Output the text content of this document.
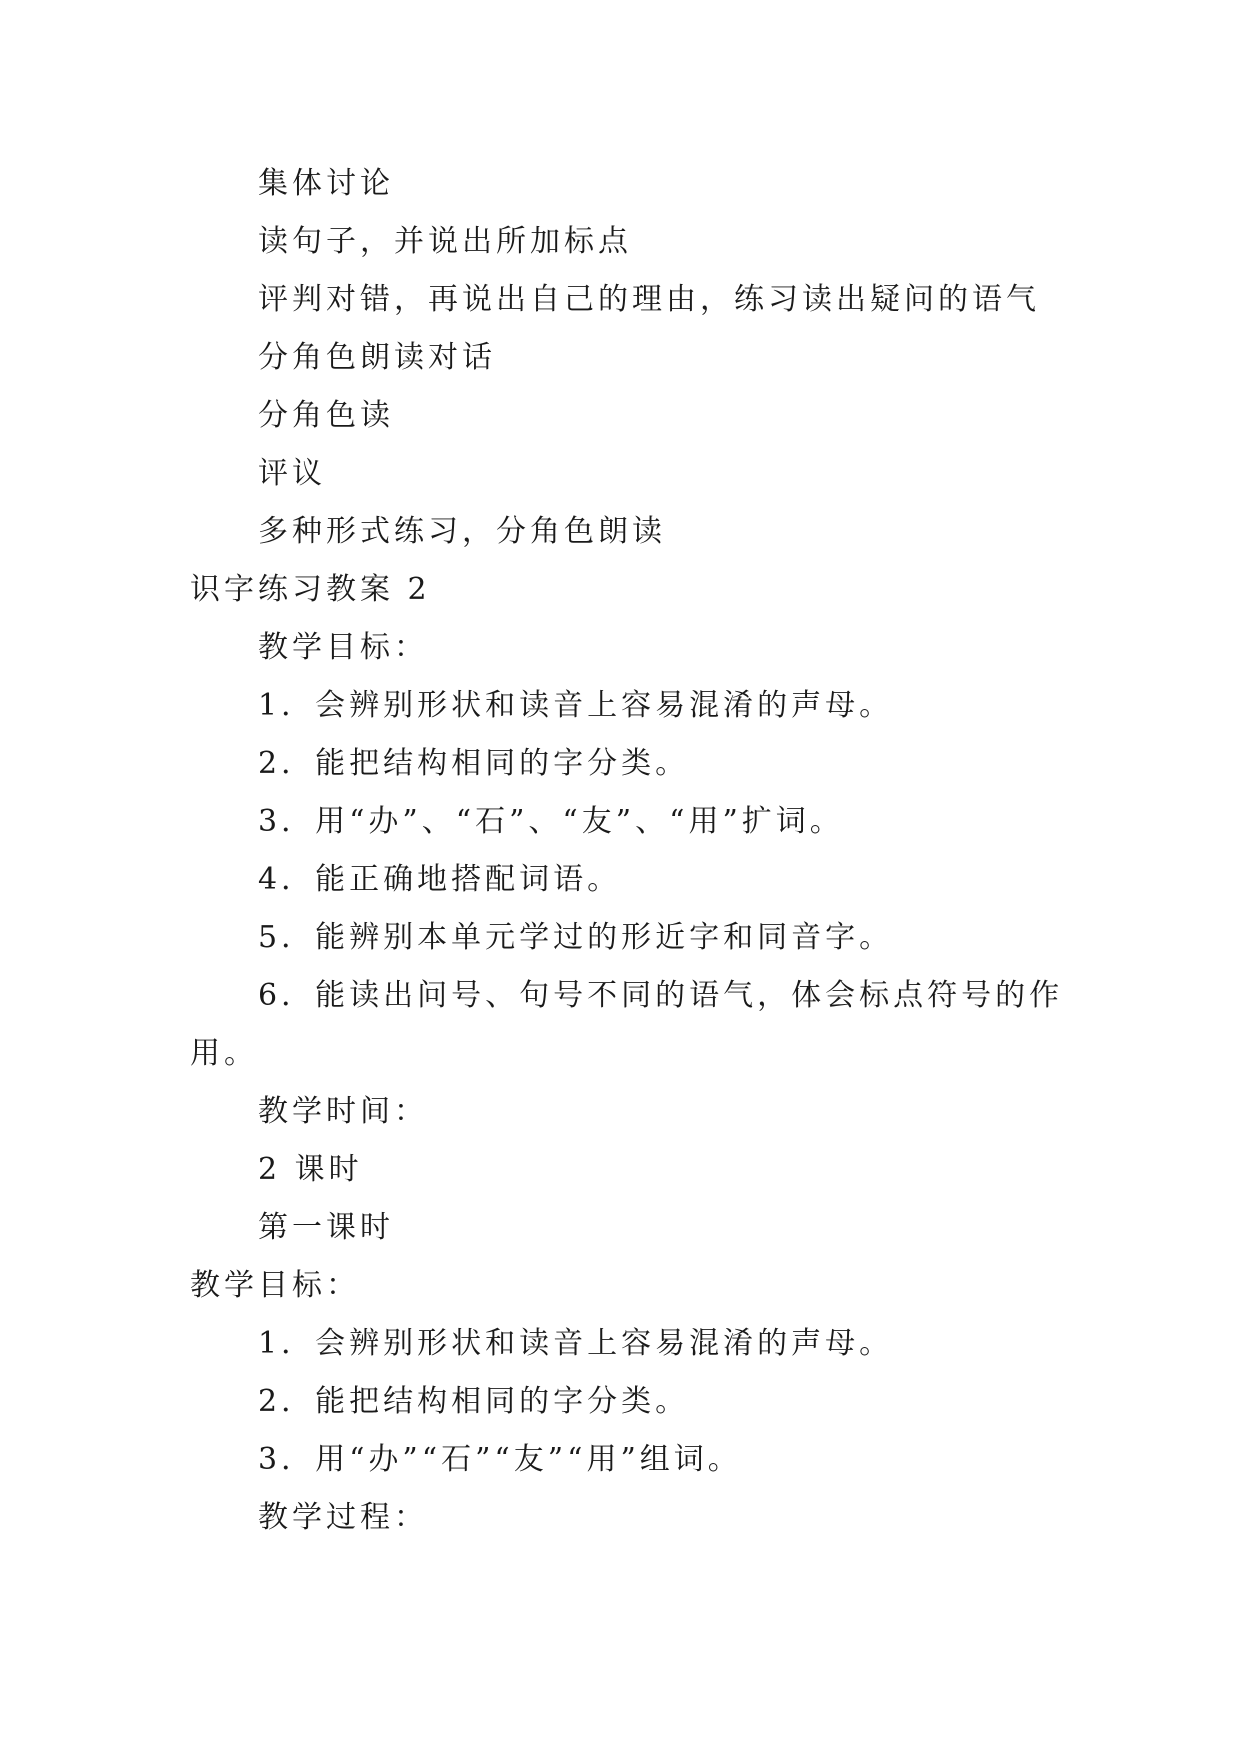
集体讨论
读句子，并说出所加标点
评判对错，再说出自己的理由，练习读出疑问的语气
分角色朗读对话
分角色读
评议
多种形式练习，分角色朗读
识字练习教案 2
教学目标：
1．会辨别形状和读音上容易混淆的声母。
2．能把结构相同的字分类。
3．用“办”、“石”、“友”、“用”扩词。
4．能正确地搭配词语。
5．能辨别本单元学过的形近字和同音字。
6．能读出问号、句号不同的语气，体会标点符号的作
用。
教学时间：
2 课时
第一课时
教学目标：
1．会辨别形状和读音上容易混淆的声母。
2．能把结构相同的字分类。
3．用“办”“石”“友”“用”组词。
教学过程：
